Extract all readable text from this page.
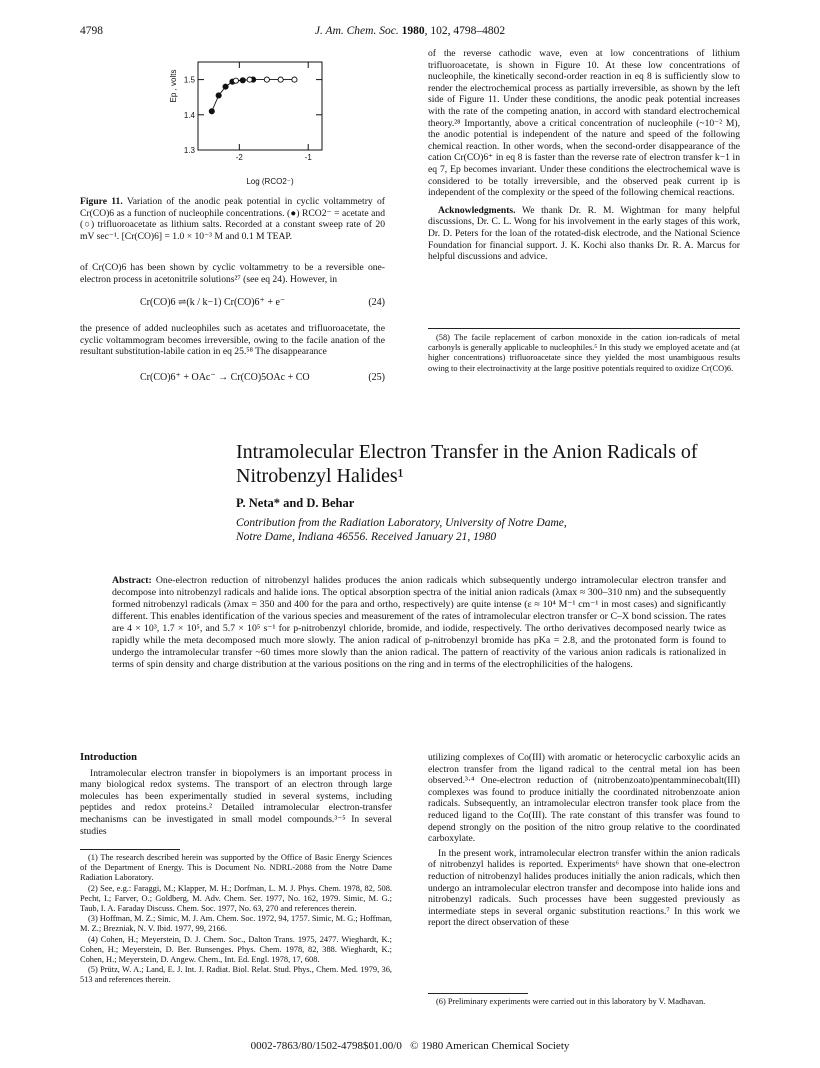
4798	J. Am. Chem. Soc. 1980, 102, 4798–4802
1.5
1.4
1.3
-2	-1
Log (RCO2⁻)
Ep , volts
Figure 11. Variation of the anodic peak potential in cyclic voltammetry of Cr(CO)6 as a function of nucleophile concentrations. (●) RCO2⁻ = acetate and (○) trifluoroacetate as lithium salts. Recorded at a constant sweep rate of 20 mV sec⁻¹. [Cr(CO)6] = 1.0 × 10⁻³ M and 0.1 M TEAP.

of Cr(CO)6 has been shown by cyclic voltammetry to be a reversible one-electron process in acetonitrile solutions²⁷ (see eq 24). However, in

Cr(CO)6 ⇌(k / k−1) Cr(CO)6⁺ + e⁻	(24)

the presence of added nucleophiles such as acetates and trifluoroacetate, the cyclic voltammogram becomes irreversible, owing to the facile anation of the resultant substitution-labile cation in eq 25.⁵⁸ The disappearance

Cr(CO)6⁺ + OAc⁻ → Cr(CO)5OAc + CO	(25)

of the reverse cathodic wave, even at low concentrations of lithium trifluoroacetate, is shown in Figure 10. At these low concentrations of nucleophile, the kinetically second-order reaction in eq 8 is sufficiently slow to render the electrochemical process as partially irreversible, as shown by the left side of Figure 11. Under these conditions, the anodic peak potential increases with the rate of the competing anation, in accord with standard electrochemical theory.²⁸ Importantly, above a critical concentration of nucleophile (~10⁻² M), the anodic potential is independent of the nature and speed of the following chemical reaction. In other words, when the second-order disappearance of the cation Cr(CO)6⁺ in eq 8 is faster than the reverse rate of electron transfer k−1 in eq 7, Ep becomes invariant. Under these conditions the electrochemical wave is considered to be totally irreversible, and the observed peak current ip is independent of the complexity or the speed of the following chemical reactions.

Acknowledgments. We thank Dr. R. M. Wightman for many helpful discussions, Dr. C. L. Wong for his involvement in the early stages of this work, Dr. D. Peters for the loan of the rotated-disk electrode, and the National Science Foundation for financial support. J. K. Kochi also thanks Dr. R. A. Marcus for helpful discussions and advice.

(58) The facile replacement of carbon monoxide in the cation ion-radicals of metal carbonyls is generally applicable to nucleophiles.⁵ In this study we employed acetate and (at higher concentrations) trifluoroacetate since they yielded the most unambiguous results owing to their electroinactivity at the large positive potentials required to oxidize Cr(CO)6.

Intramolecular Electron Transfer in the Anion Radicals of
Nitrobenzyl Halides¹
P. Neta* and D. Behar
Contribution from the Radiation Laboratory, University of Notre Dame,
Notre Dame, Indiana 46556. Received January 21, 1980
Abstract: One-electron reduction of nitrobenzyl halides produces the anion radicals which subsequently undergo intramolecular electron transfer and decompose into nitrobenzyl radicals and halide ions. The optical absorption spectra of the initial anion radicals (λmax ≈ 300–310 nm) and the subsequently formed nitrobenzyl radicals (λmax = 350 and 400 for the para and ortho, respectively) are quite intense (ε ≈ 10⁴ M⁻¹ cm⁻¹ in most cases) and significantly different. This enables identification of the various species and measurement of the rates of intramolecular electron transfer or C–X bond scission. The rates are 4 × 10³, 1.7 × 10⁵, and 5.7 × 10⁵ s⁻¹ for p-nitrobenzyl chloride, bromide, and iodide, respectively. The ortho derivatives decomposed nearly twice as rapidly while the meta decomposed much more slowly. The anion radical of p-nitrobenzyl bromide has pKa = 2.8, and the protonated form is found to undergo the intramolecular transfer ~60 times more slowly than the anion radical. The pattern of reactivity of the various anion radicals is rationalized in terms of spin density and charge distribution at the various positions on the ring and in terms of the electrophilicities of the halogens.

Introduction

Intramolecular electron transfer in biopolymers is an important process in many biological redox systems. The transport of an electron through large molecules has been experimentally studied in several systems, including peptides and redox proteins.² Detailed intramolecular electron-transfer mechanisms can be investigated in small model compounds.³⁻⁵ In several studies

(1) The research described herein was supported by the Office of Basic Energy Sciences of the Department of Energy. This is Document No. NDRL-2088 from the Notre Dame Radiation Laboratory.

(2) See, e.g.: Faraggi, M.; Klapper, M. H.; Dorfman, L. M. J. Phys. Chem. 1978, 82, 508. Pecht, I.; Farver, O.; Goldberg, M. Adv. Chem. Ser. 1977, No. 162, 1979. Simic, M. G.; Taub, I. A. Faraday Discuss. Chem. Soc. 1977, No. 63, 270 and references therein.

(3) Hoffman, M. Z.; Simic, M. J. Am. Chem. Soc. 1972, 94, 1757. Simic, M. G.; Hoffman, M. Z.; Brezniak, N. V. Ibid. 1977, 99, 2166.

(4) Cohen, H.; Meyerstein, D. J. Chem. Soc., Dalton Trans. 1975, 2477. Wieghardt, K.; Cohen, H.; Meyerstein, D. Ber. Bunsenges. Phys. Chem. 1978, 82, 388. Wieghardt, K.; Cohen, H.; Meyerstein, D. Angew. Chem., Int. Ed. Engl. 1978, 17, 608.

(5) Prütz, W. A.; Land, E. J. Int. J. Radiat. Biol. Relat. Stud. Phys., Chem. Med. 1979, 36, 513 and references therein.

utilizing complexes of Co(III) with aromatic or heterocyclic carboxylic acids an electron transfer from the ligand radical to the central metal ion has been observed.³·⁴ One-electron reduction of (nitrobenzoato)pentamminecobalt(III) complexes was found to produce initially the coordinated nitrobenzoate anion radicals. Subsequently, an intramolecular electron transfer took place from the reduced ligand to the Co(III). The rate constant of this transfer was found to depend strongly on the position of the nitro group relative to the coordinated carboxylate.

In the present work, intramolecular electron transfer within the anion radicals of nitrobenzyl halides is reported. Experiments⁶ have shown that one-electron reduction of nitrobenzyl halides produces initially the anion radicals, which then undergo an intramolecular electron transfer and decompose into halide ions and nitrobenzyl radicals. Such processes have been suggested previously as intermediate steps in several organic substitution reactions.⁷ In this work we report the direct observation of these

(6) Preliminary experiments were carried out in this laboratory by V. Madhavan.

0002-7863/80/1502-4798$01.00/0 © 1980 American Chemical Society
